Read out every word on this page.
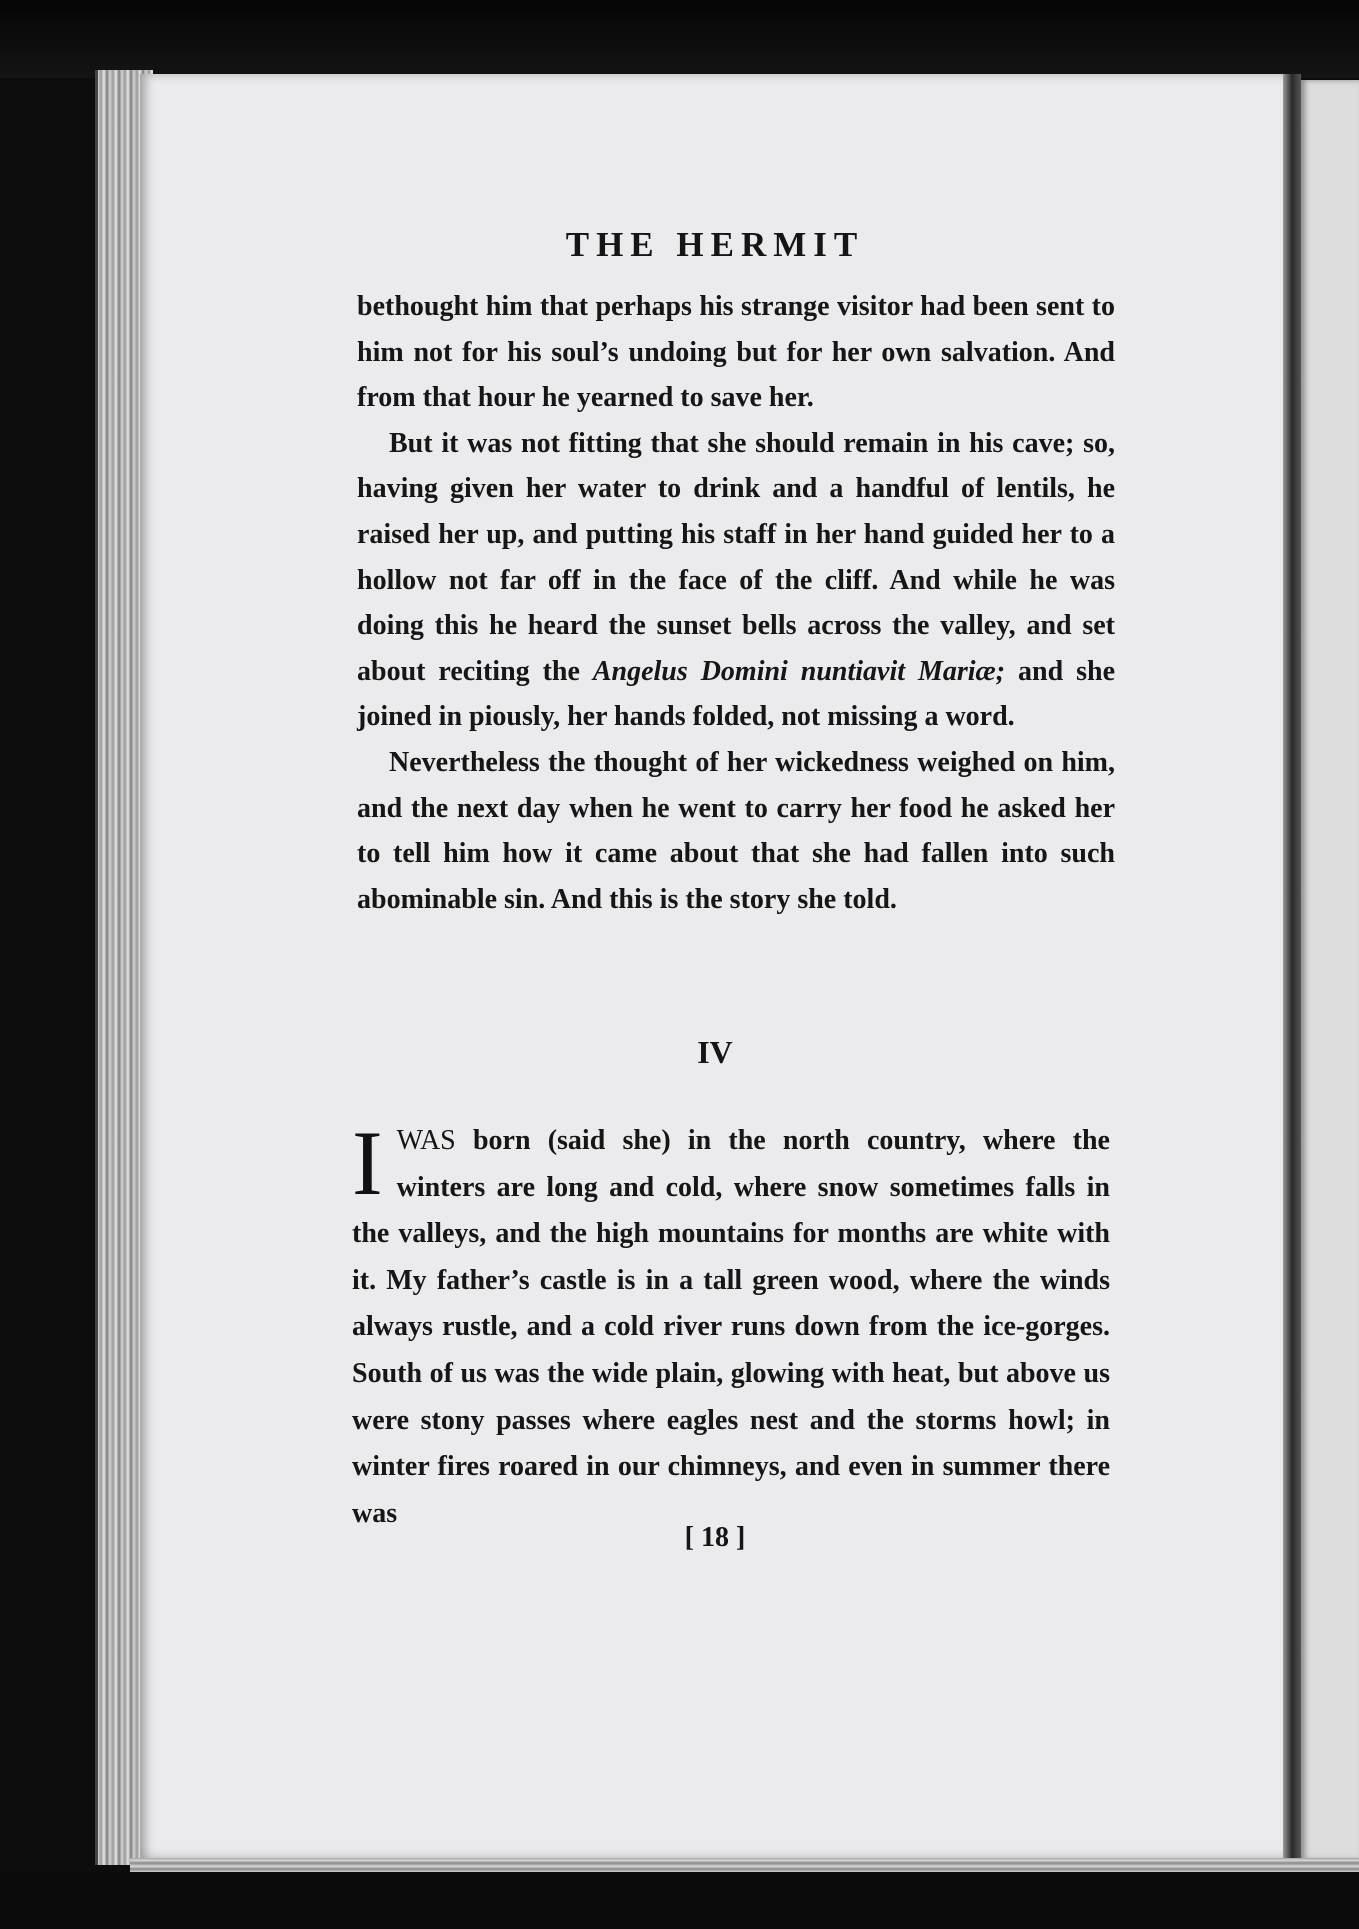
THE HERMIT

bethought him that perhaps his strange visitor had been sent to him not for his soul’s undoing but for her own salvation. And from that hour he yearned to save her.

But it was not fitting that she should remain in his cave; so, having given her water to drink and a handful of lentils, he raised her up, and putting his staff in her hand guided her to a hollow not far off in the face of the cliff. And while he was doing this he heard the sunset bells across the valley, and set about reciting the Angelus Domini nuntiavit Mariæ; and she joined in piously, her hands folded, not missing a word.

Nevertheless the thought of her wickedness weighed on him, and the next day when he went to carry her food he asked her to tell him how it came about that she had fallen into such abominable sin. And this is the story she told.

IV

IWAS born (said she) in the north country, where the winters are long and cold, where snow sometimes falls in the valleys, and the high mountains for months are white with it. My father’s castle is in a tall green wood, where the winds always rustle, and a cold river runs down from the ice-gorges. South of us was the wide plain, glowing with heat, but above us were stony passes where eagles nest and the storms howl; in winter fires roared in our chimneys, and even in summer there was

[ 18 ]
